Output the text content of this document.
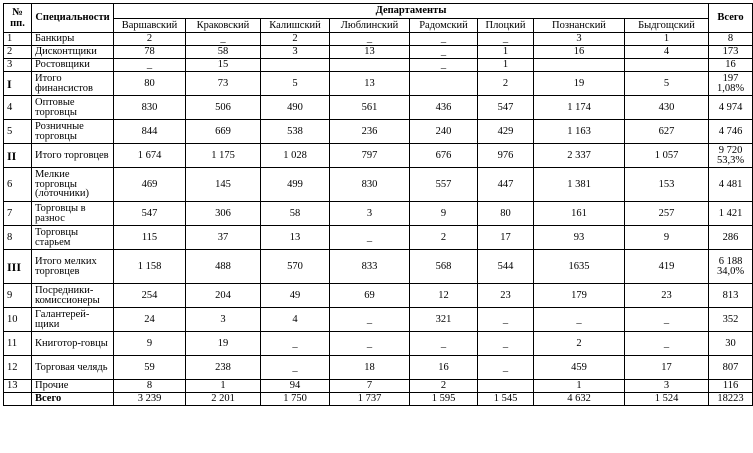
№ пп.	Специальности	Департаменты								Всего
		Варшавский	Краковский	Калишский	Люблинский	Радомский	Плоцкий	Познанский	Быдгощский	
1	Банкиры	2	_	2	_	_	_	3	1	8
2	Дисконтщики	78	58	3	13	_	1	16	4	173
3	Ростовщики	_	15			_	1			16
I	Итого финансистов	80	73	5	13		2	19	5	197 1,08%
4	Оптовые торговцы	830	506	490	561	436	547	1 174	430	4 974
5	Розничные торговцы	844	669	538	236	240	429	1 163	627	4 746
II	Итого торговцев	1 674	1 175	1 028	797	676	976	2 337	1 057	9 720 53,3%
6	Мелкие торговцы (лоточники)	469	145	499	830	557	447	1 381	153	4 481
7	Торговцы в разнос	547	306	58	3	9	80	161	257	1 421
8	Торговцы старьем	115	37	13	_	2	17	93	9	286
III	Итого мелких торговцев	1 158	488	570	833	568	544	1635	419	6 188 34,0%
9	Посредники-комиссионеры	254	204	49	69	12	23	179	23	813
10	Галантерей-щики	24	3	4	_	321	_	_	_	352
11	Книготор-говцы	9	19	_	_	_	_	2	_	30
12	Торговая челядь	59	238	_	18	16	_	459	17	807
13	Прочие	8	1	94	7	2		1	3	116
	Всего	3 239	2 201	1 750	1 737	1 595	1 545	4 632	1 524	18223
